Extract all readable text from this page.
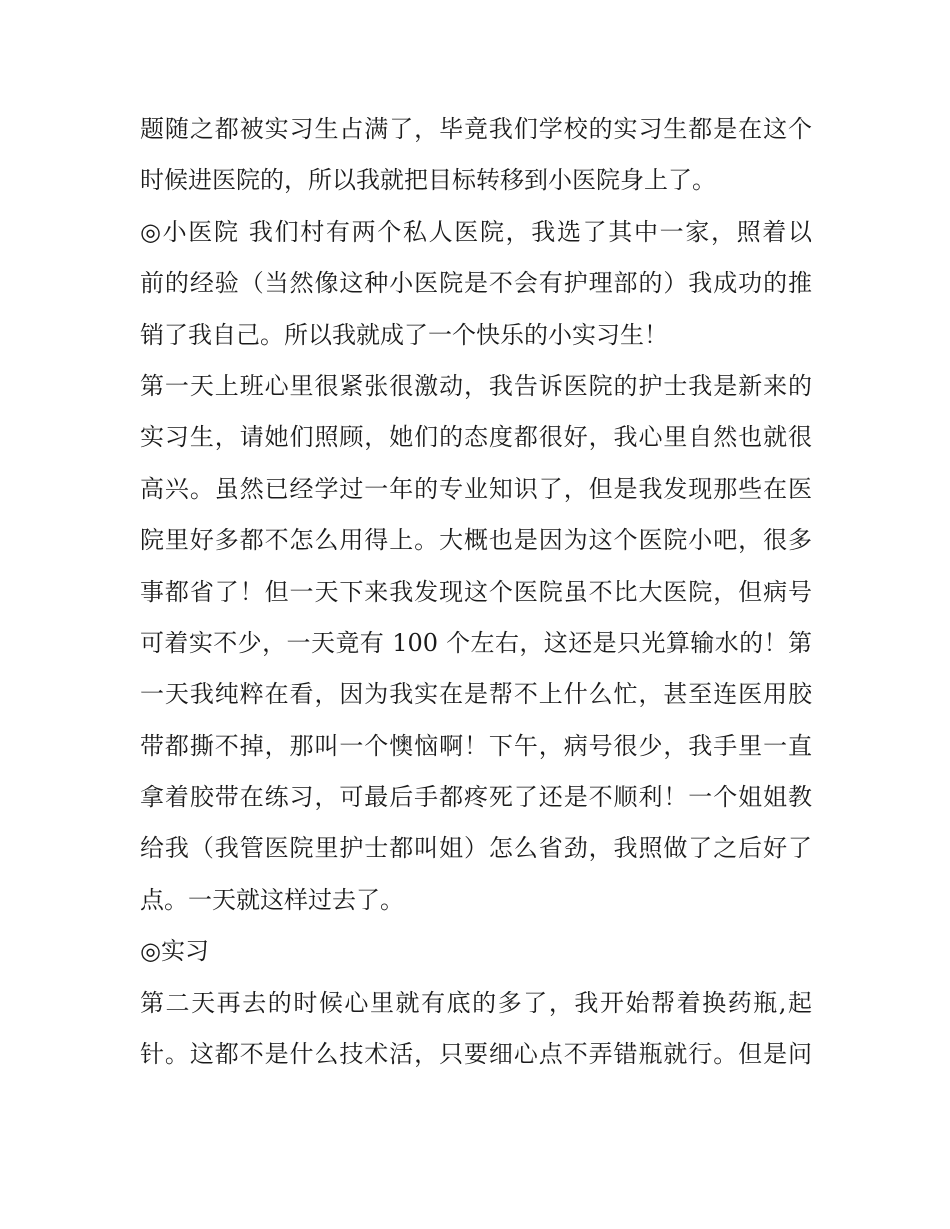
题随之都被实习生占满了，毕竟我们学校的实习生都是在这个
时候进医院的，所以我就把目标转移到小医院身上了。
◎小医院 我们村有两个私人医院，我选了其中一家，照着以
前的经验（当然像这种小医院是不会有护理部的）我成功的推
销了我自己。所以我就成了一个快乐的小实习生！
第一天上班心里很紧张很激动，我告诉医院的护士我是新来的
实习生，请她们照顾，她们的态度都很好，我心里自然也就很
高兴。虽然已经学过一年的专业知识了，但是我发现那些在医
院里好多都不怎么用得上。大概也是因为这个医院小吧，很多
事都省了！但一天下来我发现这个医院虽不比大医院，但病号
可着实不少，一天竟有 100 个左右，这还是只光算输水的！第
一天我纯粹在看，因为我实在是帮不上什么忙，甚至连医用胶
带都撕不掉，那叫一个懊恼啊！下午，病号很少，我手里一直
拿着胶带在练习，可最后手都疼死了还是不顺利！一个姐姐教
给我（我管医院里护士都叫姐）怎么省劲，我照做了之后好了
点。一天就这样过去了。
◎实习
第二天再去的时候心里就有底的多了，我开始帮着换药瓶,起
针。这都不是什么技术活，只要细心点不弄错瓶就行。但是问
